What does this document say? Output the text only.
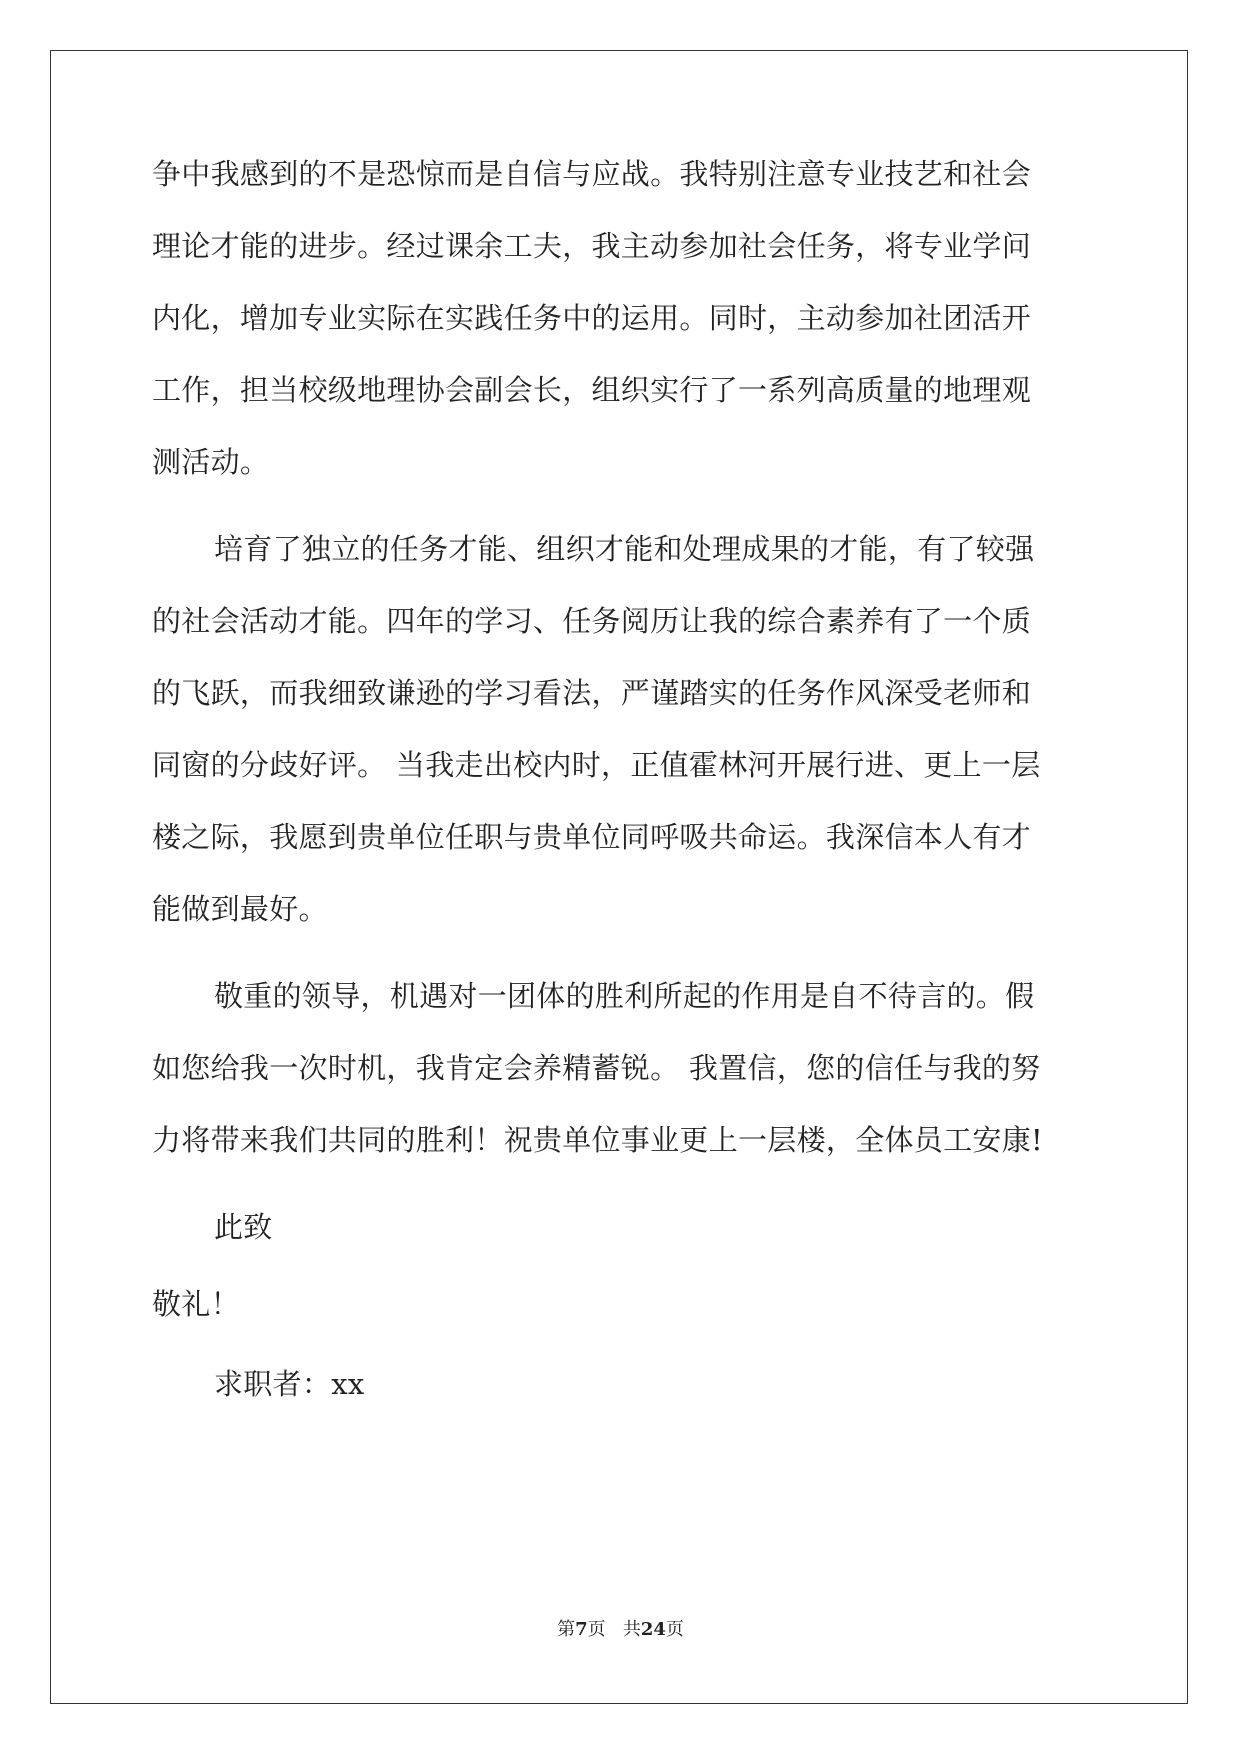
争中我感到的不是恐惊而是自信与应战。我特别注意专业技艺和社会
理论才能的进步。经过课余工夫，我主动参加社会任务，将专业学问
内化，增加专业实际在实践任务中的运用。同时，主动参加社团活开
工作，担当校级地理协会副会长，组织实行了一系列高质量的地理观
测活动。
培育了独立的任务才能、组织才能和处理成果的才能，有了较强
的社会活动才能。四年的学习、任务阅历让我的综合素养有了一个质
的飞跃，而我细致谦逊的学习看法，严谨踏实的任务作风深受老师和
同窗的分歧好评。 当我走出校内时，正值霍林河开展行进、更上一层
楼之际，我愿到贵单位任职与贵单位同呼吸共命运。我深信本人有才
能做到最好。
敬重的领导，机遇对一团体的胜利所起的作用是自不待言的。假
如您给我一次时机，我肯定会养精蓄锐。 我置信，您的信任与我的努
力将带来我们共同的胜利！祝贵单位事业更上一层楼，全体员工安康!
此致
敬礼！
求职者：xx
第7页 共24页
